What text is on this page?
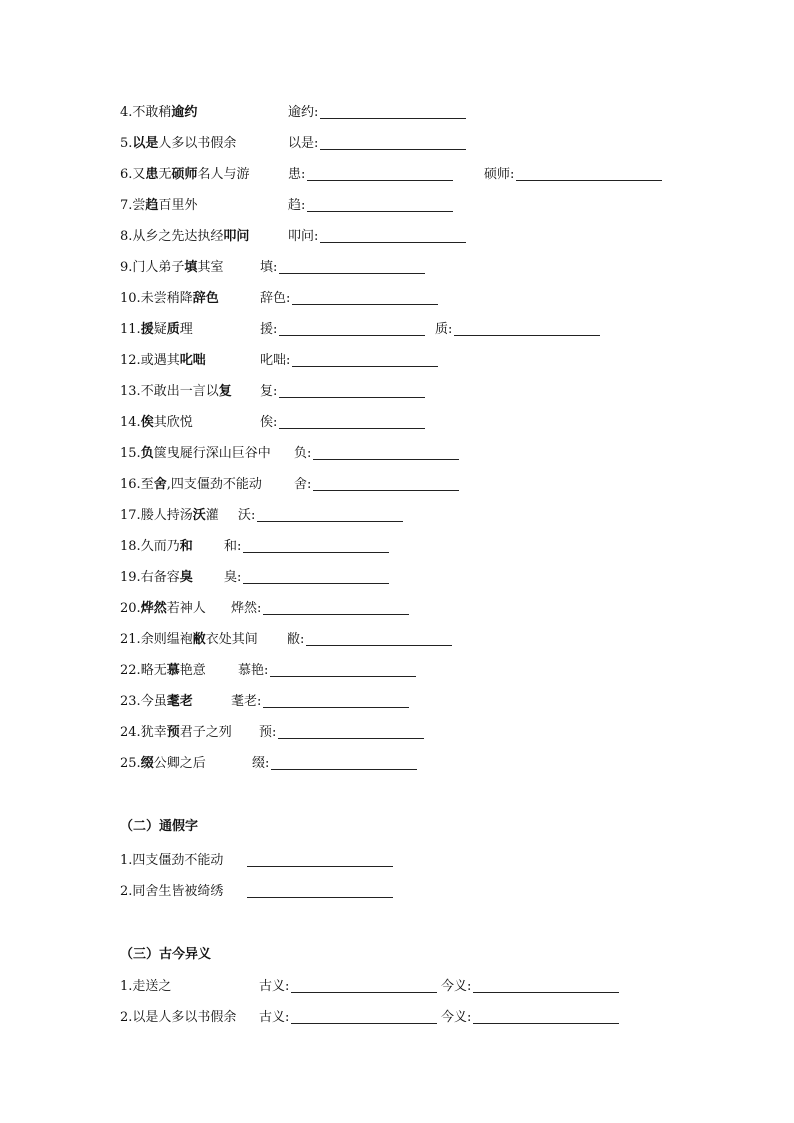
4.不敢稍逾约	逾约:
5.以是人多以书假余	以是:
6.又患无硕师名人与游	患:	硕师:
7.尝趋百里外	趋:
8.从乡之先达执经叩问	叩问:
9.门人弟子填其室	填:
10.未尝稍降辞色	辞色:
11.援疑质理	援:	质:
12.或遇其叱咄	叱咄:
13.不敢出一言以复 复:
14.俟其欣悦	俟:
15.负箧曳屣行深山巨谷中 负:
16.至舍,四支僵劲不能动 舍:
17.媵人持汤沃灌 沃:
18.久而乃和 和:
19.右备容臭 臭:
20.烨然若神人 烨然:
21.余则缊袍敝衣处其间 敝:
22.略无慕艳意 慕艳:
23.今虽耄老	耄老:
24.犹幸预君子之列 预:
25.缀公卿之后	缀:
（二）通假字
1.四支僵劲不能动
2.同舍生皆被绮绣
（三）古今异义
1.走送之	古义:	今义:
2.以是人多以书假余 古义:	今义:
